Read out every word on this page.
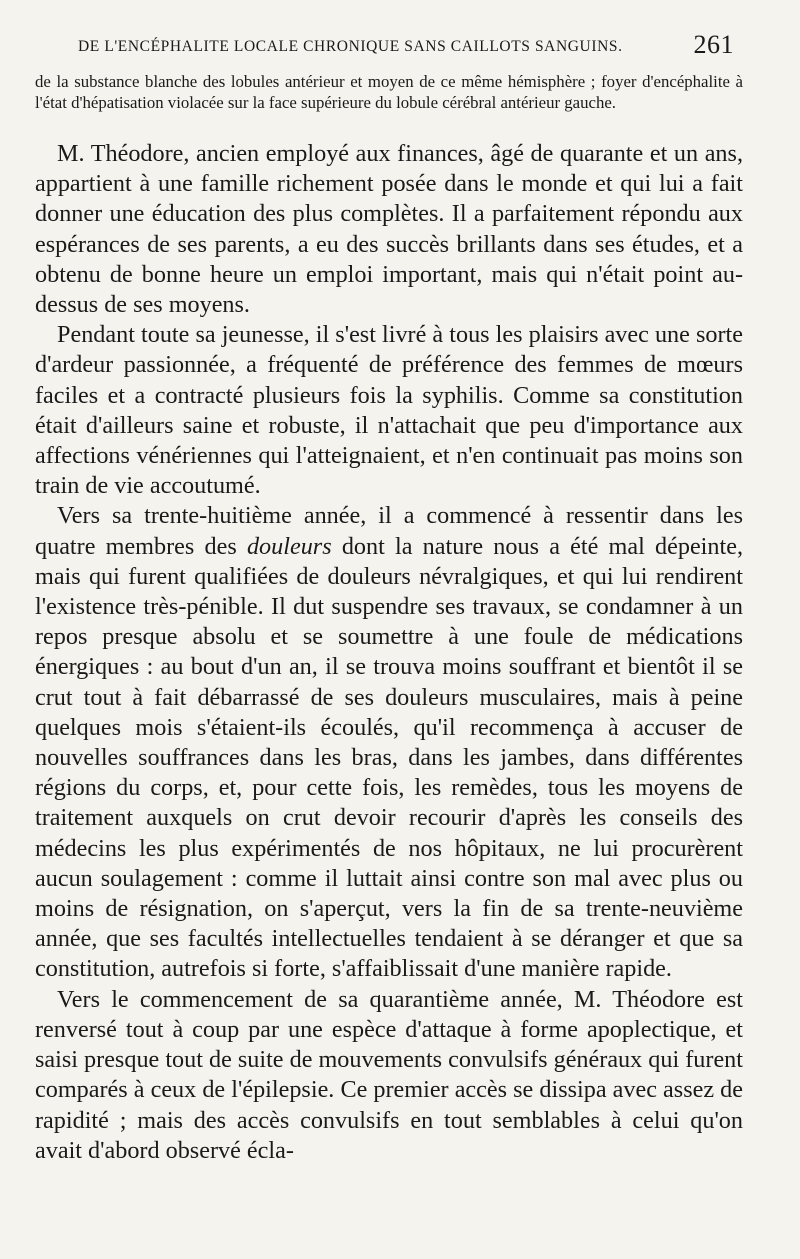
DE L'ENCÉPHALITE LOCALE CHRONIQUE SANS CAILLOTS SANGUINS.	261

de la substance blanche des lobules antérieur et moyen de ce même hémisphère ; foyer d'encéphalite à l'état d'hépatisation violacée sur la face supérieure du lobule cérébral antérieur gauche.

M. Théodore, ancien employé aux finances, âgé de quarante et un ans, appartient à une famille richement posée dans le monde et qui lui a fait donner une éducation des plus complètes. Il a parfaitement répondu aux espérances de ses parents, a eu des succès brillants dans ses études, et a obtenu de bonne heure un emploi important, mais qui n'était point au-dessus de ses moyens.

Pendant toute sa jeunesse, il s'est livré à tous les plaisirs avec une sorte d'ardeur passionnée, a fréquenté de préférence des femmes de mœurs faciles et a contracté plusieurs fois la syphilis. Comme sa constitution était d'ailleurs saine et robuste, il n'attachait que peu d'importance aux affections vénériennes qui l'atteignaient, et n'en continuait pas moins son train de vie accoutumé.

Vers sa trente-huitième année, il a commencé à ressentir dans les quatre membres des douleurs dont la nature nous a été mal dépeinte, mais qui furent qualifiées de douleurs névralgiques, et qui lui rendirent l'existence très-pénible. Il dut suspendre ses travaux, se condamner à un repos presque absolu et se soumettre à une foule de médications énergiques : au bout d'un an, il se trouva moins souffrant et bientôt il se crut tout à fait débarrassé de ses douleurs musculaires, mais à peine quelques mois s'étaient-ils écoulés, qu'il recommença à accuser de nouvelles souffrances dans les bras, dans les jambes, dans différentes régions du corps, et, pour cette fois, les remèdes, tous les moyens de traitement auxquels on crut devoir recourir d'après les conseils des médecins les plus expérimentés de nos hôpitaux, ne lui procurèrent aucun soulagement : comme il luttait ainsi contre son mal avec plus ou moins de résignation, on s'aperçut, vers la fin de sa trente-neuvième année, que ses facultés intellectuelles tendaient à se déranger et que sa constitution, autrefois si forte, s'affaiblissait d'une manière rapide.

Vers le commencement de sa quarantième année, M. Théodore est renversé tout à coup par une espèce d'attaque à forme apoplectique, et saisi presque tout de suite de mouvements convulsifs généraux qui furent comparés à ceux de l'épilepsie. Ce premier accès se dissipa avec assez de rapidité ; mais des accès convulsifs en tout semblables à celui qu'on avait d'abord observé écla-
